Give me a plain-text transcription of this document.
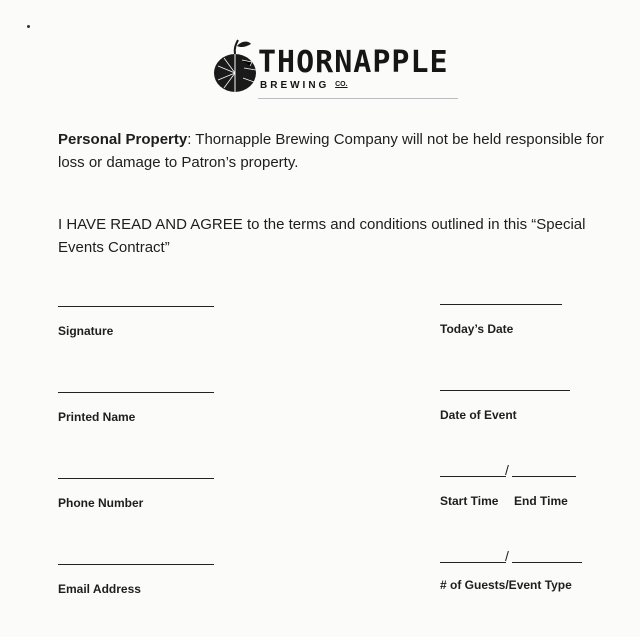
THORNAPPLE
BREWING $^{CO.}$
Personal Property: Thornapple Brewing Company will not be held responsible for loss or damage to Patron’s property.
I HAVE READ AND AGREE to the terms and conditions outlined in this “Special Events Contract”
Signature
Printed Name
Phone Number
Email Address
Today’s Date
Date of Event
/
Start Time End Time
/
# of Guests/Event Type
